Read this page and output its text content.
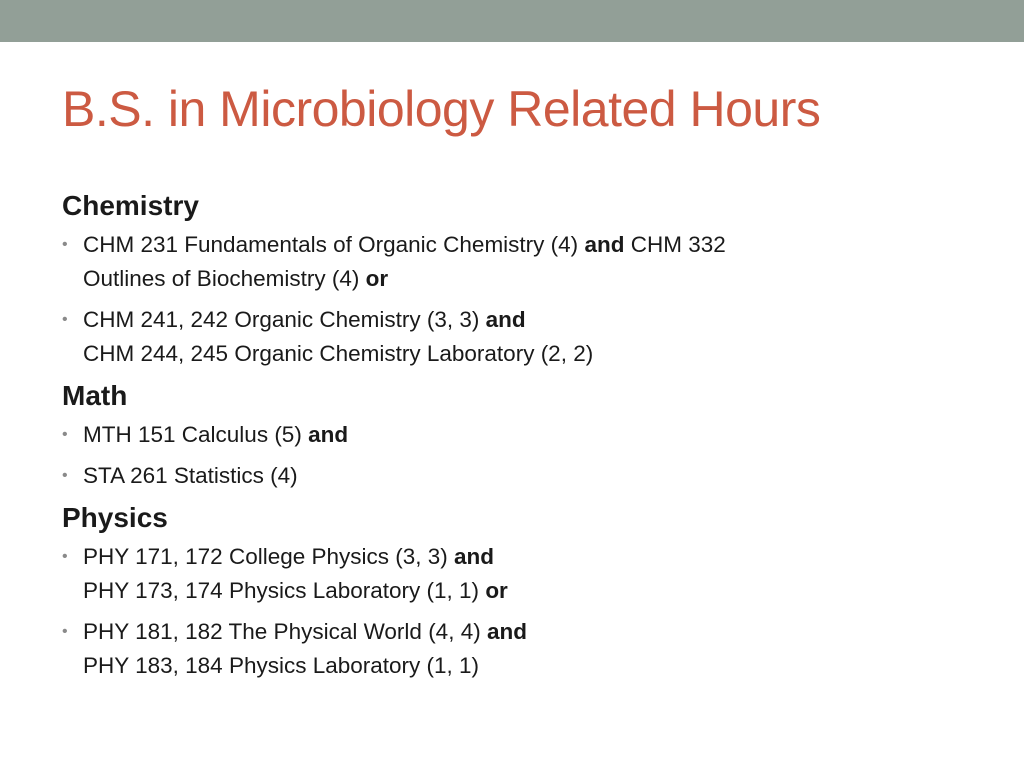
B.S. in Microbiology Related Hours
Chemistry
• CHM 231 Fundamentals of Organic Chemistry (4) and CHM 332
Outlines of Biochemistry (4) or
• CHM 241, 242 Organic Chemistry (3, 3) and
CHM 244, 245 Organic Chemistry Laboratory (2, 2)
Math
• MTH 151 Calculus (5) and
• STA 261 Statistics (4)
Physics
• PHY 171, 172 College Physics (3, 3) and
PHY 173, 174 Physics Laboratory (1, 1) or
• PHY 181, 182 The Physical World (4, 4) and
PHY 183, 184 Physics Laboratory (1, 1)
